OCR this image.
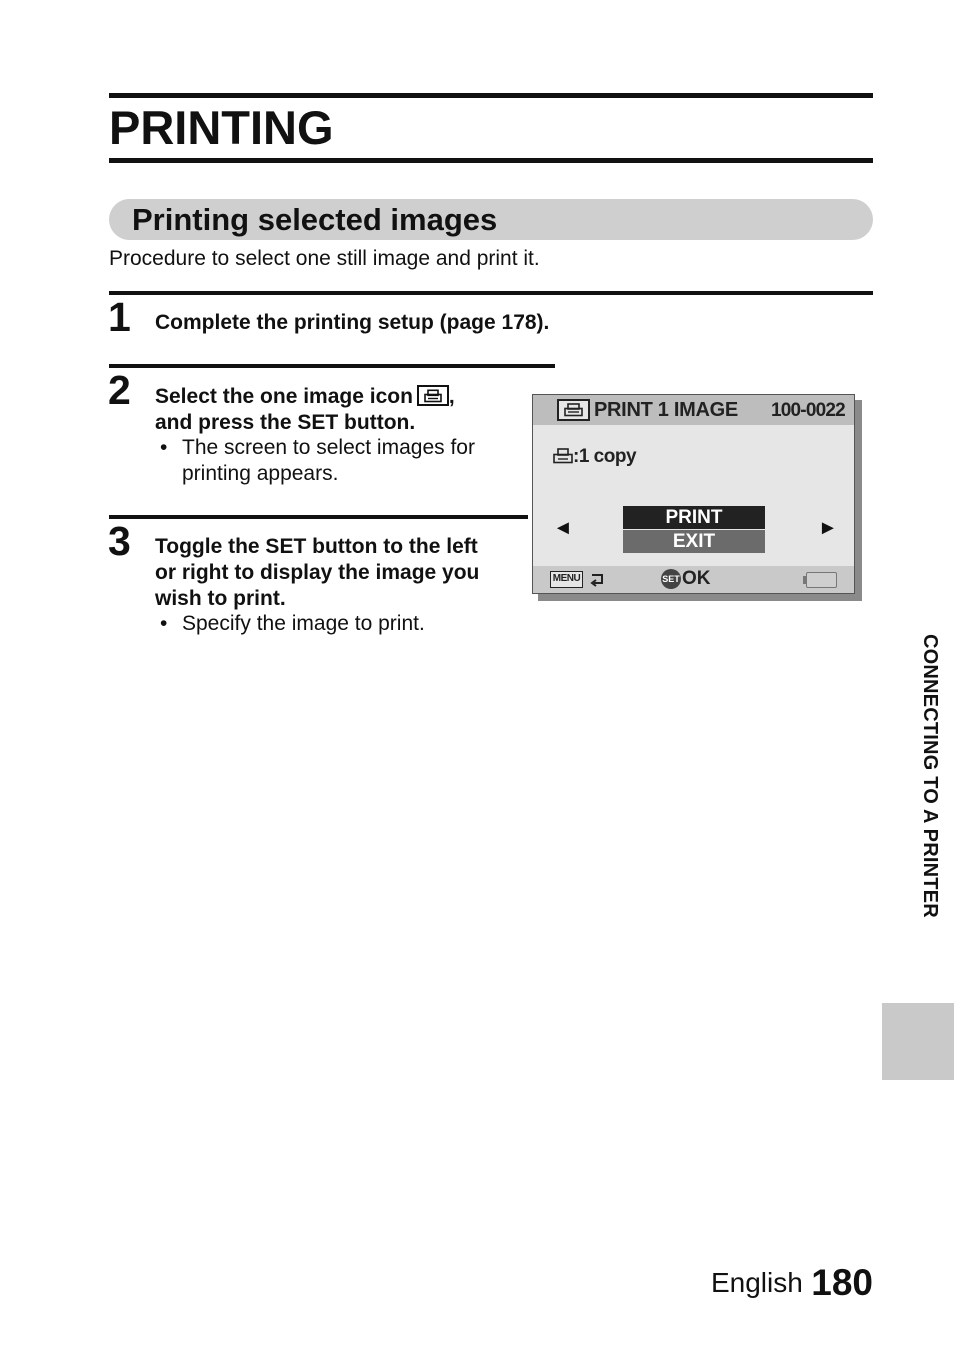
PRINTING
Printing selected images
Procedure to select one still image and print it.
1 Complete the printing setup (page 178).
2 Select the one image icon ,
and press the SET button.
• The screen to select images for
printing appears.
3 Toggle the SET button to the left
or right to display the image you
wish to print.
• Specify the image to print.
PRINT 1 IMAGE 100-0022
:1 copy
◄	►
PRINT
EXIT
MENU	SET OK
CONNECTING TO A PRINTER
English 180
